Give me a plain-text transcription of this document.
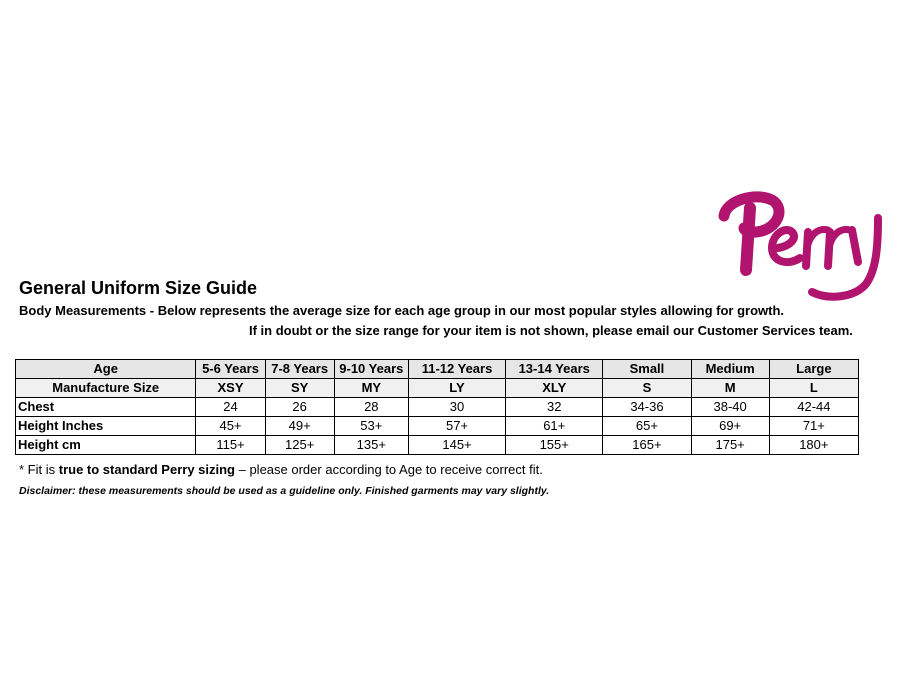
General Uniform Size Guide
Body Measurements - Below represents the average size for each age group in our most popular styles allowing for growth.
If in doubt or the size range for your item is not shown, please email our Customer Services team.
Age	5-6 Years	7-8 Years	9-10 Years	11-12 Years	13-14 Years	Small	Medium	Large
Manufacture Size	XSY	SY	MY	LY	XLY	S	M	L
Chest	24	26	28	30	32	34-36	38-40	42-44
Height Inches	45+	49+	53+	57+	61+	65+	69+	71+
Height cm	115+	125+	135+	145+	155+	165+	175+	180+
* Fit is true to standard Perry sizing – please order according to Age to receive correct fit.
Disclaimer: these measurements should be used as a guideline only. Finished garments may vary slightly.
